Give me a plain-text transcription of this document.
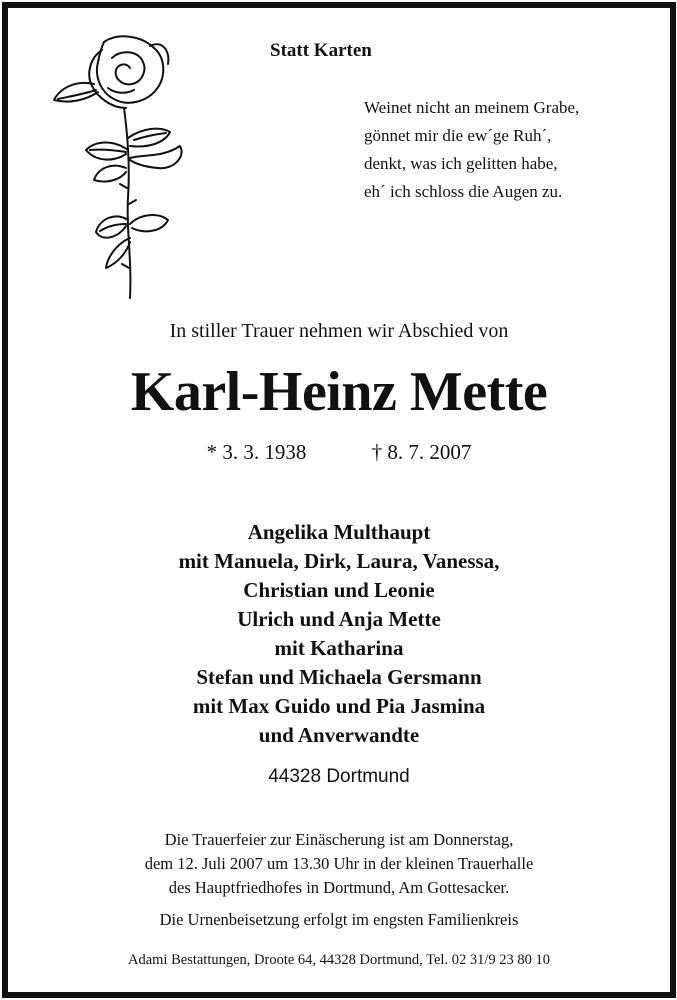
Statt Karten
Weinet nicht an meinem Grabe,
gönnet mir die ew´ge Ruh´,
denkt, was ich gelitten habe,
eh´ ich schloss die Augen zu.
In stiller Trauer nehmen wir Abschied von
Karl-Heinz Mette
* 3. 3. 1938	† 8. 7. 2007
Angelika Multhaupt
mit Manuela, Dirk, Laura, Vanessa,
Christian und Leonie
Ulrich und Anja Mette
mit Katharina
Stefan und Michaela Gersmann
mit Max Guido und Pia Jasmina
und Anverwandte
44328 Dortmund
Die Trauerfeier zur Einäscherung ist am Donnerstag,
dem 12. Juli 2007 um 13.30 Uhr in der kleinen Trauerhalle
des Hauptfriedhofes in Dortmund, Am Gottesacker.
Die Urnenbeisetzung erfolgt im engsten Familienkreis
Adami Bestattungen, Droote 64, 44328 Dortmund, Tel. 02 31/9 23 80 10
